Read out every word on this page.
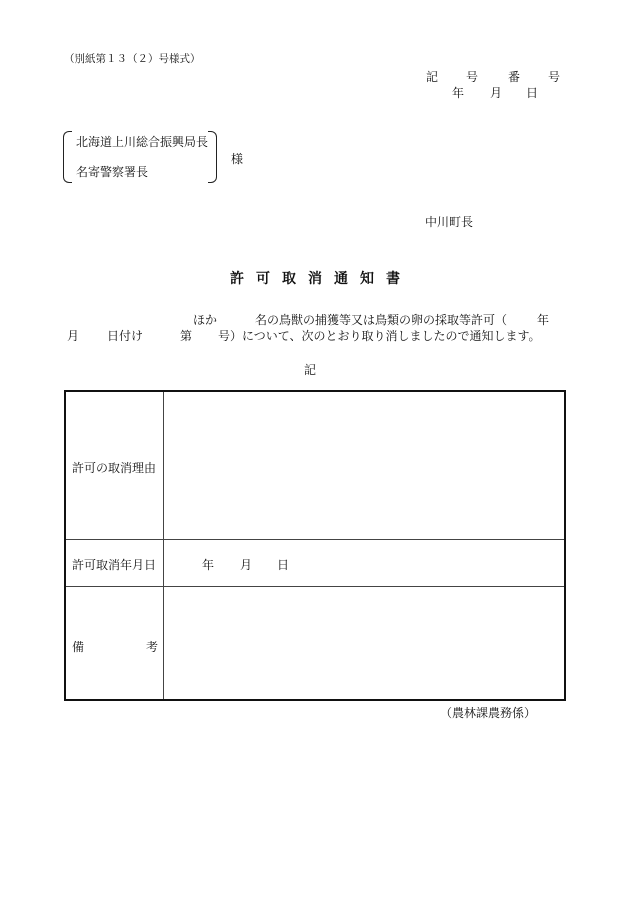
（別紙第１３（２）号様式）
記 号 番 号
年 月 日
北海道上川総合振興局長
名寄警察署長
様
中川町長
許可取消通知書
ほか	名の鳥獣の捕獲等又は鳥類の卵の採取等許可（ 年
月 日付け	第 号）について、次のとおり取り消しましたので通知します。
記
許可の取消理由
許可取消年月日	年 月 日
備	考
（農林課農務係）
